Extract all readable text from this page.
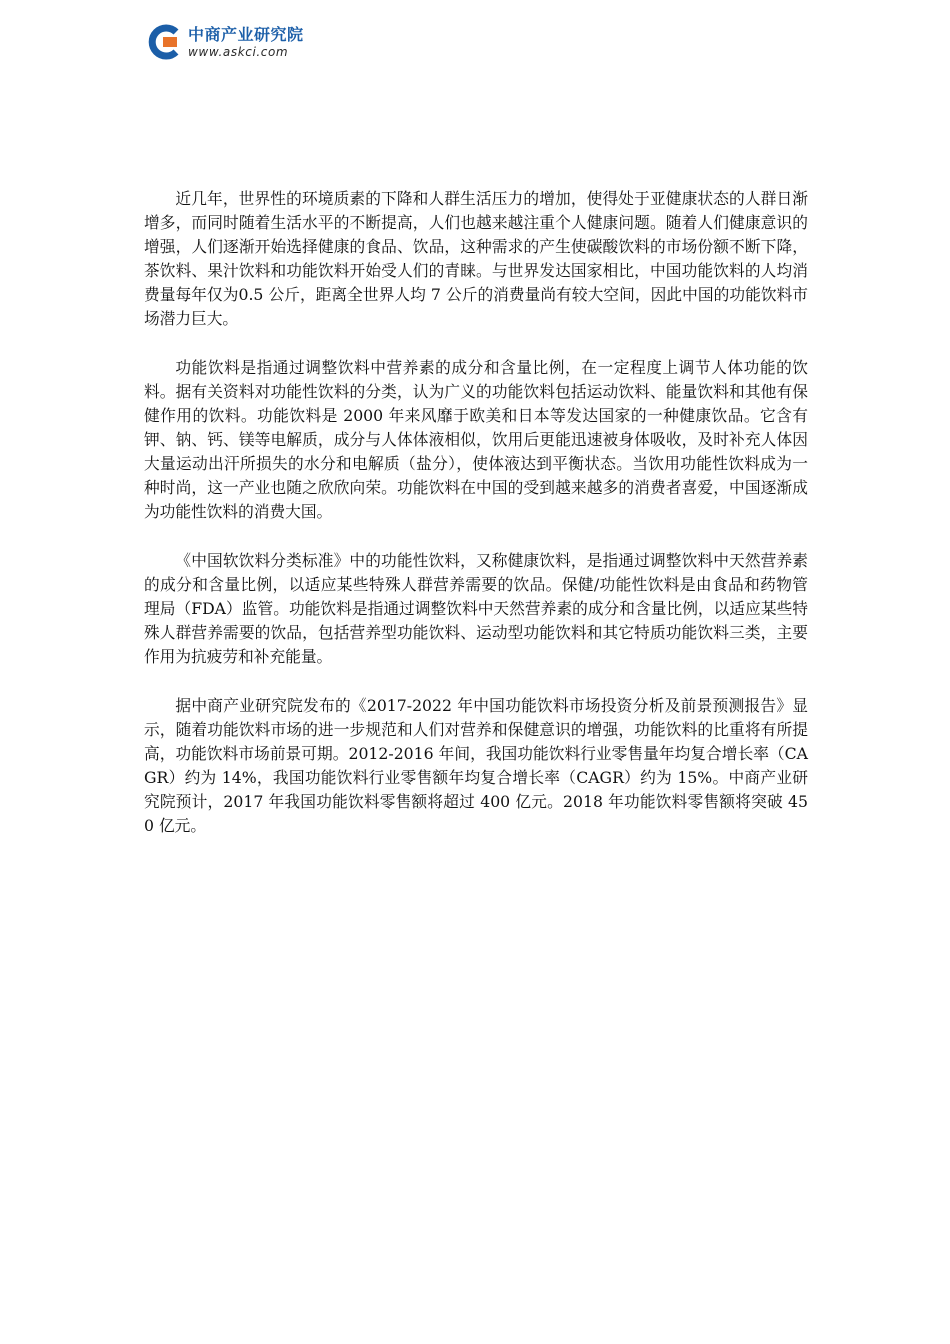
中商产业研究院
www.askci.com

近几年，世界性的环境质素的下降和人群生活压力的增加，使得处于亚健康状态的人群日渐增多，而同时随着生活水平的不断提高，人们也越来越注重个人健康问题。随着人们健康意识的增强，人们逐渐开始选择健康的食品、饮品，这种需求的产生使碳酸饮料的市场份额不断下降，茶饮料、果汁饮料和功能饮料开始受人们的青睐。与世界发达国家相比，中国功能饮料的人均消费量每年仅为0.5 公斤，距离全世界人均 7 公斤的消费量尚有较大空间，因此中国的功能饮料市场潜力巨大。

功能饮料是指通过调整饮料中营养素的成分和含量比例，在一定程度上调节人体功能的饮料。据有关资料对功能性饮料的分类，认为广义的功能饮料包括运动饮料、能量饮料和其他有保健作用的饮料。功能饮料是 2000 年来风靡于欧美和日本等发达国家的一种健康饮品。它含有钾、钠、钙、镁等电解质，成分与人体体液相似，饮用后更能迅速被身体吸收，及时补充人体因大量运动出汗所损失的水分和电解质（盐分），使体液达到平衡状态。当饮用功能性饮料成为一种时尚，这一产业也随之欣欣向荣。功能饮料在中国的受到越来越多的消费者喜爱，中国逐渐成为功能性饮料的消费大国。

《中国软饮料分类标准》中的功能性饮料，又称健康饮料，是指通过调整饮料中天然营养素的成分和含量比例，以适应某些特殊人群营养需要的饮品。保健/功能性饮料是由食品和药物管理局（FDA）监管。功能饮料是指通过调整饮料中天然营养素的成分和含量比例，以适应某些特殊人群营养需要的饮品，包括营养型功能饮料、运动型功能饮料和其它特质功能饮料三类，主要作用为抗疲劳和补充能量。

据中商产业研究院发布的《2017-2022 年中国功能饮料市场投资分析及前景预测报告》显示，随着功能饮料市场的进一步规范和人们对营养和保健意识的增强，功能饮料的比重将有所提高，功能饮料市场前景可期。2012-2016 年间，我国功能饮料行业零售量年均复合增长率（CAGR）约为 14%，我国功能饮料行业零售额年均复合增长率（CAGR）约为 15%。中商产业研究院预计，2017 年我国功能饮料零售额将超过 400 亿元。2018 年功能饮料零售额将突破 450 亿元。
